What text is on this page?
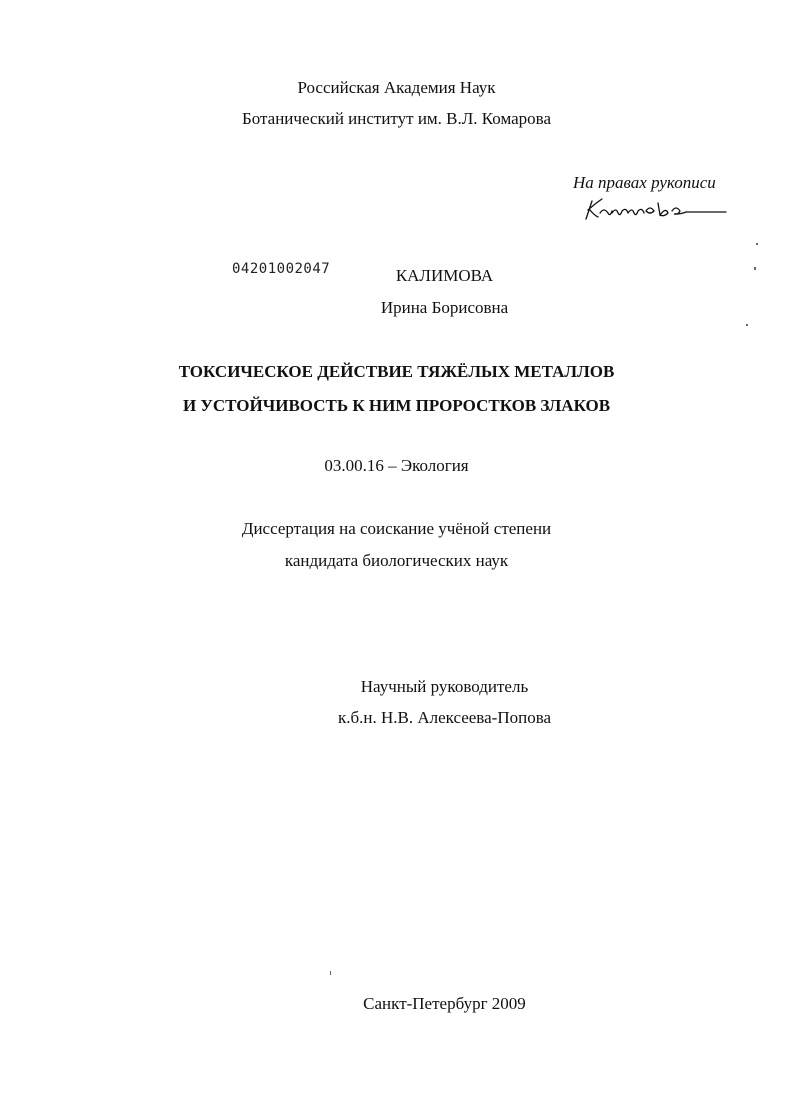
Российская Академия Наук
Ботанический институт им. В.Л. Комарова
На правах рукописи
04201002047	КАЛИМОВА
Ирина Борисовна
ТОКСИЧЕСКОЕ ДЕЙСТВИЕ ТЯЖЁЛЫХ МЕТАЛЛОВ
И УСТОЙЧИВОСТЬ К НИМ ПРОРОСТКОВ ЗЛАКОВ
03.00.16 – Экология
Диссертация на соискание учёной степени
кандидата биологических наук
Научный руководитель
к.б.н. Н.В. Алексеева-Попова
Санкт-Петербург 2009
